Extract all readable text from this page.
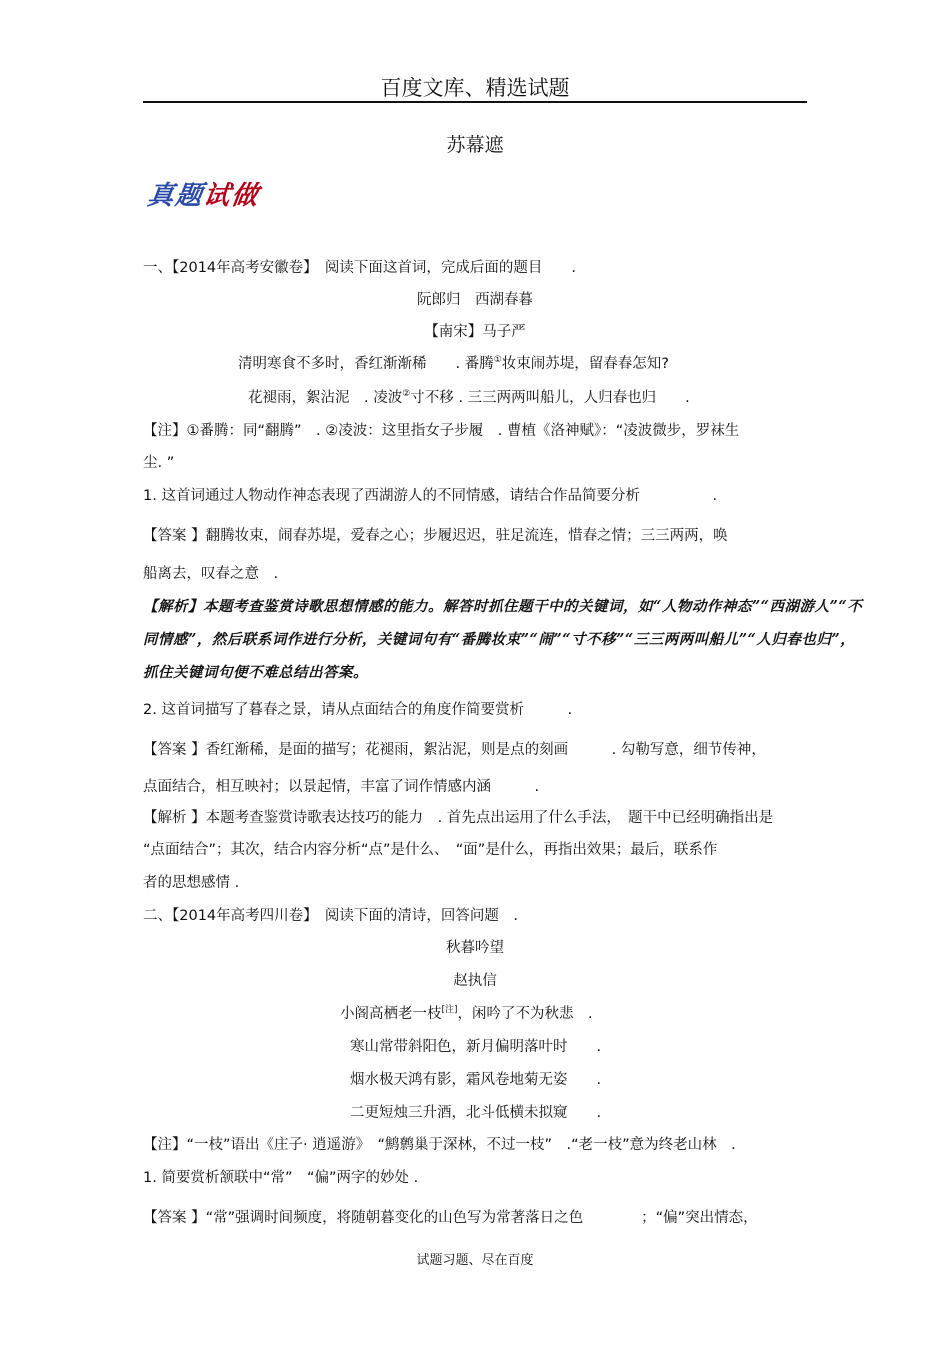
百度文库、精选试题
苏幕遮
真题试做
一、【2014年高考安徽卷】　阅读下面这首词，完成后面的题目　　.
阮郎归　西湖春暮
【南宋】马子严
清明寒食不多时，香红渐渐稀　　. 番腾①妆束闹苏堤，留春春怎知?
花褪雨，絮沾泥　. 凌波②寸不移 . 三三两两叫船儿，人归春也归　　.
【注】①番腾：同“翻腾”　. ②凌波：这里指女子步履　. 曹植《洛神赋》：“凌波微步，罗袜生
尘. ”
1. 这首词通过人物动作神态表现了西湖游人的不同情感，请结合作品简要分析　　　　　.
【答案 】翻腾妆束，闹春苏堤，爱春之心；步履迟迟，驻足流连，惜春之情；三三两两，唤
船离去，叹春之意　.
【解析】本题考查鉴赏诗歌思想情感的能力。解答时抓住题干中的关键词，如“人物动作神态”“西湖游人”“不
同情感”，然后联系词作进行分析，关键词句有“番腾妆束”“闹”“寸不移”“三三两两叫船儿”“人归春也归”，
抓住关键词句便不难总结出答案。
2. 这首词描写了暮春之景，请从点面结合的角度作简要赏析　　　.
【答案 】香红渐稀，是面的描写；花褪雨，絮沾泥，则是点的刻画　　　. 勾勒写意，细节传神，
点面结合，相互映衬；以景起情，丰富了词作情感内涵　　　.
【解析 】本题考查鉴赏诗歌表达技巧的能力　. 首先点出运用了什么手法，　题干中已经明确指出是
“点面结合”；其次，结合内容分析“点”是什么、　“面”是什么，再指出效果；最后，联系作
者的思想感情 .
二、【2014年高考四川卷】　阅读下面的清诗，回答问题　.
秋暮吟望
赵执信
小阁高栖老一枝[注]，闲吟了不为秋悲　.
寒山常带斜阳色，新月偏明落叶时　　.
烟水极天鸿有影，霜风卷地菊无姿　　.
二更短烛三升酒，北斗低横未拟窥　　.
【注】“一枝”语出《庄子· 逍遥游》　“鹪鹩巢于深林，不过一枝”　.“老一枝”意为终老山林　.
1. 简要赏析颔联中“常”　“偏”两字的妙处 .
【答案 】“常”强调时间频度，将随朝暮变化的山色写为常著落日之色　　　　；“偏”突出情态，
试题习题、尽在百度
